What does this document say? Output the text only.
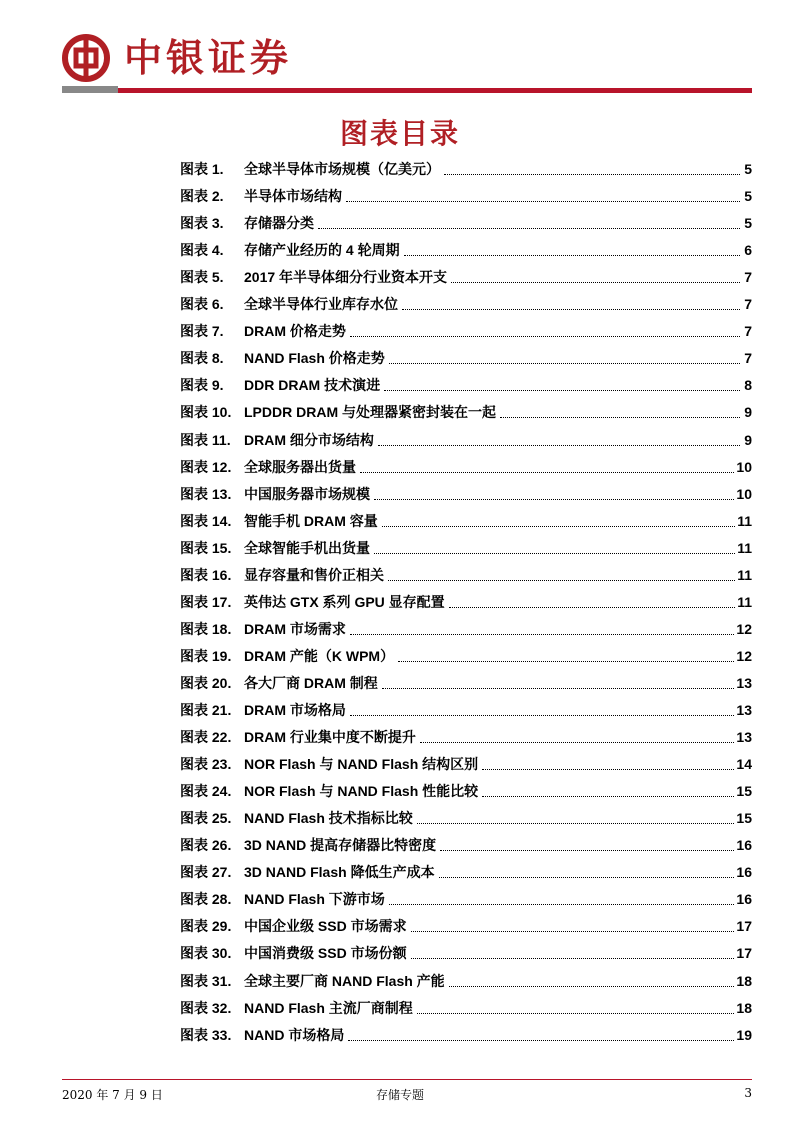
中银证券
图表目录
图表 1.	全球半导体市场规模（亿美元）	5
图表 2.	半导体市场结构	5
图表 3.	存储器分类	5
图表 4.	存储产业经历的 4 轮周期	6
图表 5.	2017 年半导体细分行业资本开支	7
图表 6.	全球半导体行业库存水位	7
图表 7.	DRAM 价格走势	7
图表 8.	NAND Flash 价格走势	7
图表 9.	DDR DRAM 技术演进	8
图表 10. LPDDR DRAM 与处理器紧密封装在一起	9
图表 11. DRAM 细分市场结构	9
图表 12. 全球服务器出货量	10
图表 13. 中国服务器市场规模	10
图表 14. 智能手机 DRAM 容量	11
图表 15. 全球智能手机出货量	11
图表 16. 显存容量和售价正相关	11
图表 17. 英伟达 GTX 系列 GPU 显存配置	11
图表 18. DRAM 市场需求	12
图表 19. DRAM 产能（K WPM）	12
图表 20. 各大厂商 DRAM 制程	13
图表 21. DRAM 市场格局	13
图表 22. DRAM 行业集中度不断提升	13
图表 23. NOR Flash 与 NAND Flash 结构区别	14
图表 24. NOR Flash 与 NAND Flash 性能比较	15
图表 25. NAND Flash 技术指标比较	15
图表 26. 3D NAND 提高存储器比特密度	16
图表 27. 3D NAND Flash 降低生产成本	16
图表 28. NAND Flash 下游市场	16
图表 29. 中国企业级 SSD 市场需求	17
图表 30. 中国消费级 SSD 市场份额	17
图表 31. 全球主要厂商 NAND Flash 产能	18
图表 32. NAND Flash 主流厂商制程	18
图表 33. NAND 市场格局	19
2020 年 7 月 9 日	存储专题	3
